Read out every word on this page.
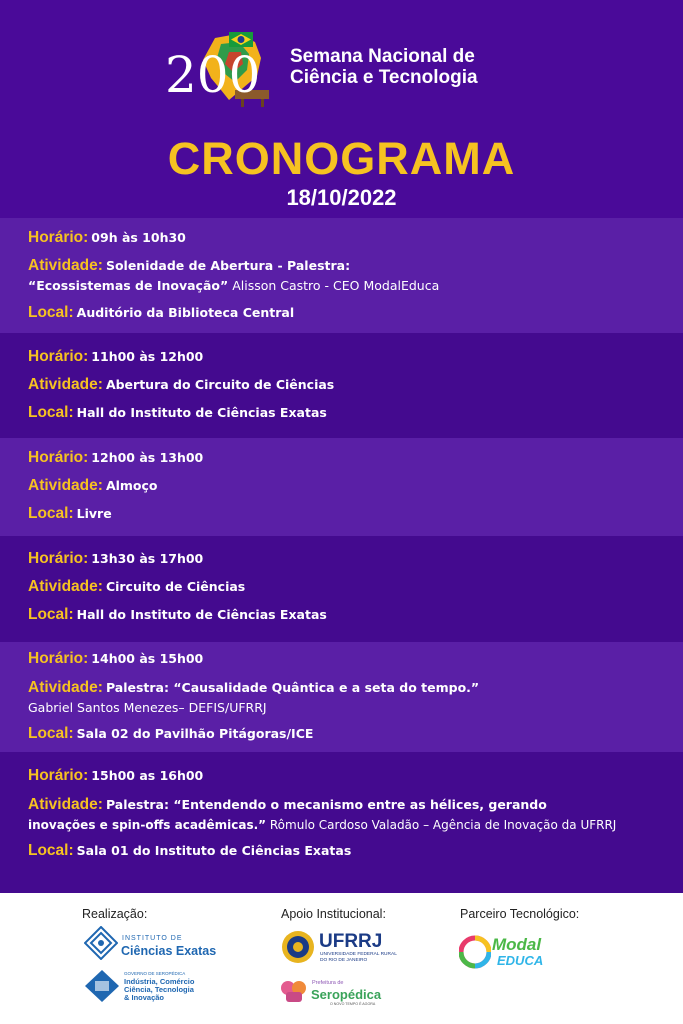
200 Semana Nacional de
Ciência e Tecnologia
CRONOGRAMA
18/10/2022
Horário: 09h às 10h30
Atividade: Solenidade de Abertura - Palestra:
“Ecossistemas de Inovação” Alisson Castro - CEO ModalEduca
Local: Auditório da Biblioteca Central
Horário: 11h00 às 12h00
Atividade: Abertura do Circuito de Ciências
Local: Hall do Instituto de Ciências Exatas
Horário: 12h00 às 13h00
Atividade: Almoço
Local: Livre
Horário: 13h30 às 17h00
Atividade: Circuito de Ciências
Local: Hall do Instituto de Ciências Exatas
Horário: 14h00 às 15h00
Atividade: Palestra: “Causalidade Quântica e a seta do tempo.”
Gabriel Santos Menezes– DEFIS/UFRRJ
Local: Sala 02 do Pavilhão Pitágoras/ICE
Horário: 15h00 as 16h00
Atividade: Palestra: “Entendendo o mecanismo entre as hélices, gerando
inovações e spin-offs acadêmicas.” Rômulo Cardoso Valadão – Agência de Inovação da UFRRJ
Local: Sala 01 do Instituto de Ciências Exatas
Realização:	Apoio Institucional:	Parceiro Tecnológico:
INSTITUTO DE
Ciências Exatas
GOVERNO DE SEROPÉDICA
Indústria, Comércio
Ciência, Tecnologia
& Inovação
UFRRJ
UNIVERSIDADE FEDERAL RURAL
DO RIO DE JANEIRO
Prefeitura de
Seropédica
O NOVO TEMPO É AGORA
Modal
EDUCA
